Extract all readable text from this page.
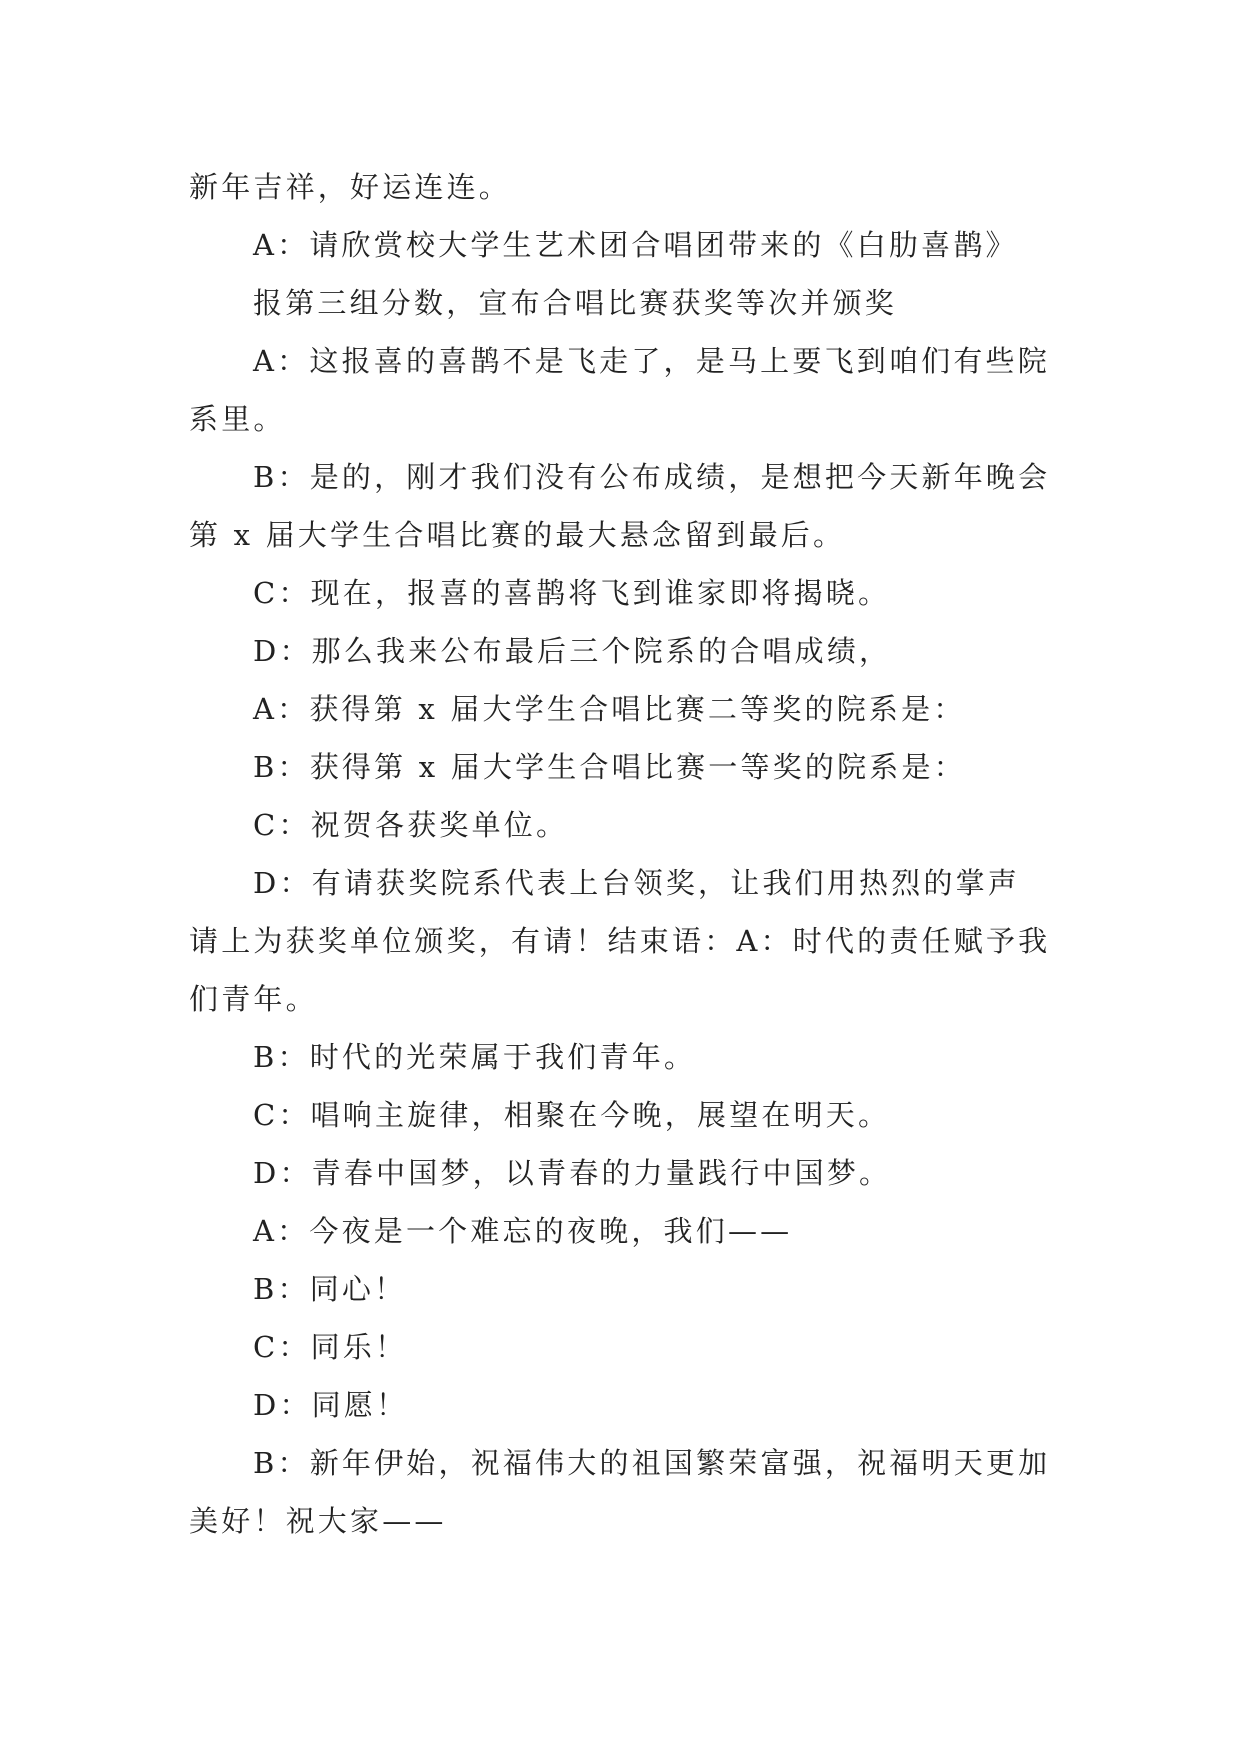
新年吉祥，好运连连。

A：请欣赏校大学生艺术团合唱团带来的《白肋喜鹊》

报第三组分数，宣布合唱比赛获奖等次并颁奖

A：这报喜的喜鹊不是飞走了，是马上要飞到咱们有些院系里。

B：是的，刚才我们没有公布成绩，是想把今天新年晚会第 x 届大学生合唱比赛的最大悬念留到最后。

C：现在，报喜的喜鹊将飞到谁家即将揭晓。

D：那么我来公布最后三个院系的合唱成绩，

A：获得第 x 届大学生合唱比赛二等奖的院系是：

B：获得第 x 届大学生合唱比赛一等奖的院系是：

C：祝贺各获奖单位。

D：有请获奖院系代表上台领奖，让我们用热烈的掌声请上为获奖单位颁奖，有请！结束语：A：时代的责任赋予我们青年。

B：时代的光荣属于我们青年。

C：唱响主旋律，相聚在今晚，展望在明天。

D：青春中国梦，以青春的力量践行中国梦。

A：今夜是一个难忘的夜晚，我们——

B：同心！

C：同乐！

D：同愿！

B：新年伊始，祝福伟大的祖国繁荣富强，祝福明天更加美好！祝大家——
